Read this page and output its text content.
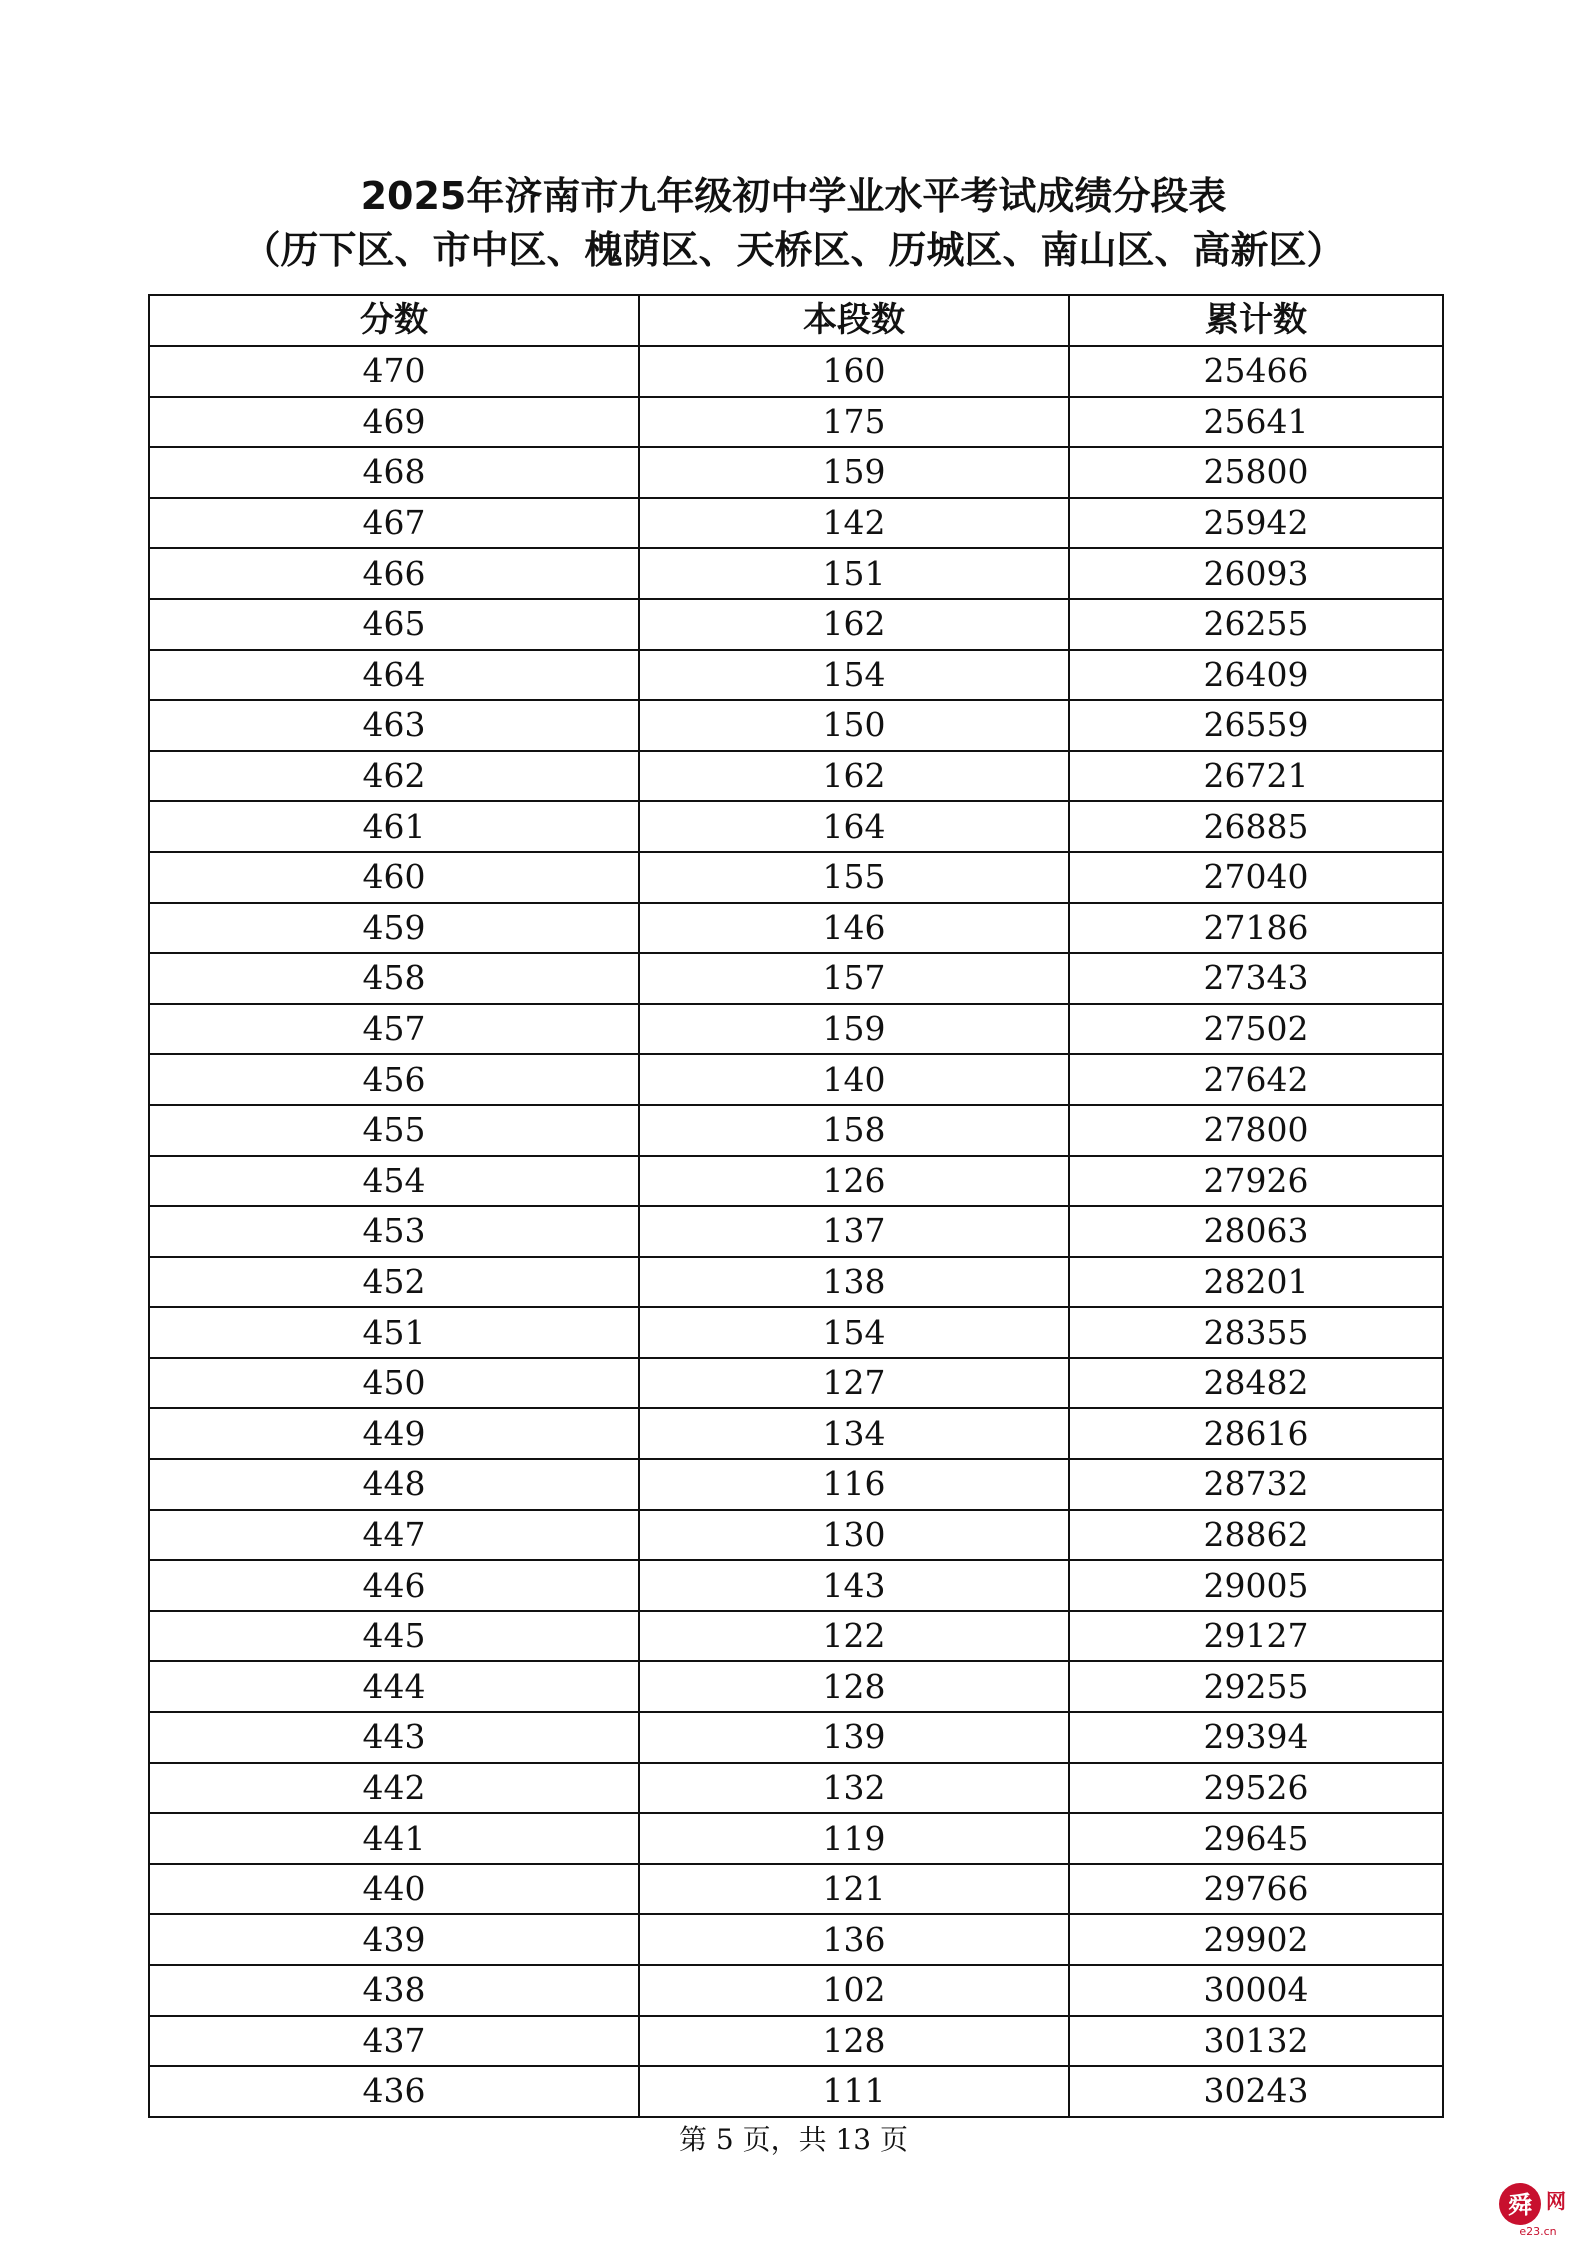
2025年济南市九年级初中学业水平考试成绩分段表
（历下区、市中区、槐荫区、天桥区、历城区、南山区、高新区）
分数	本段数	累计数
470	160	25466
469	175	25641
468	159	25800
467	142	25942
466	151	26093
465	162	26255
464	154	26409
463	150	26559
462	162	26721
461	164	26885
460	155	27040
459	146	27186
458	157	27343
457	159	27502
456	140	27642
455	158	27800
454	126	27926
453	137	28063
452	138	28201
451	154	28355
450	127	28482
449	134	28616
448	116	28732
447	130	28862
446	143	29005
445	122	29127
444	128	29255
443	139	29394
442	132	29526
441	119	29645
440	121	29766
439	136	29902
438	102	30004
437	128	30132
436	111	30243
第 5 页，共 13 页
舜 网
e23.cn
